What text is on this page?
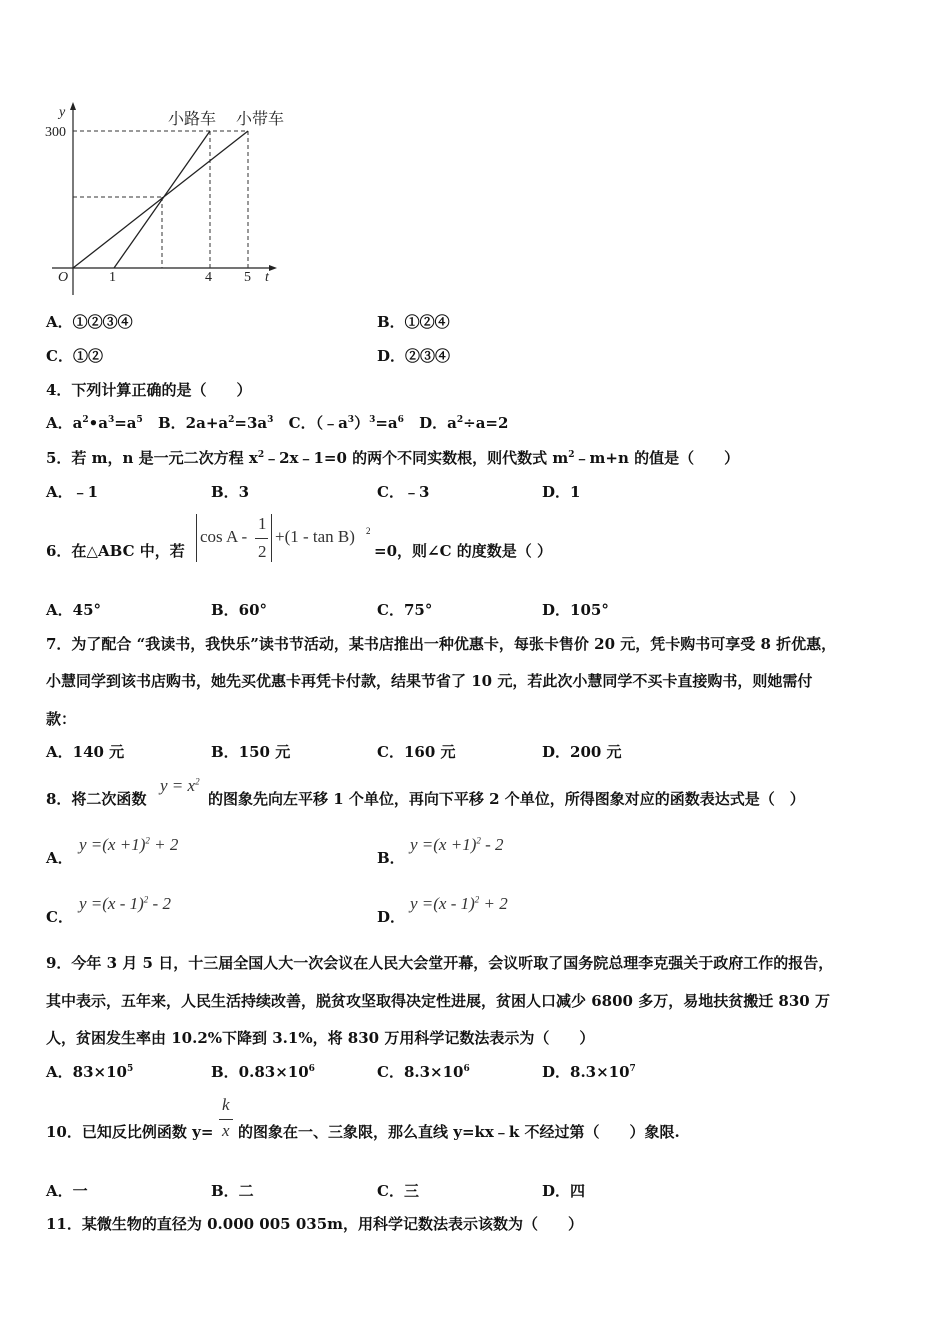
y
300
O	1	4 5 t
小路车 小带车
A．①②③④	B．①②④
C．①②	D．②③④
4．下列计算正确的是（　　）
A．$a^2•a^3=a^5$ B．$2a+a^2=3a^3$ C．$(﹣a^3)^3=a^6$ D．$a^2\div a=2$
5．若 m，n 是一元二次方程 $x^2﹣2x﹣1=0$ 的两个不同实数根，则代数式 $m^2﹣m+n$ 的值是（　　）
A．﹣1	B．3	C．﹣3	D．1
6．在△ABC 中，若
cos A -
1
2
+(1 - tan B) 2
=0，则∠C 的度数是（ ）
A．45°	B．60°	C．75°	D．105°
7．为了配合 “我读书，我快乐”读书节活动，某书店推出一种优惠卡，每张卡售价 20 元，凭卡购书可享受 8 折优惠，
小慧同学到该书店购书，她先买优惠卡再凭卡付款，结果节省了 10 元，若此次小慧同学不买卡直接购书，则她需付
款：
A．140 元	B．150 元	C．160 元	D．200 元
8．将二次函数
$y = x^2$
的图象先向左平移 1 个单位，再向下平移 2 个单位，所得图象对应的函数表达式是（　）
A．
$y =(x +1)^2 + 2$
B．
$y =(x +1)^2 - 2$
C．
y =(x - 1)$^2$ - 2
D．
y =(x - 1)$^2$ + 2
9．今年 3 月 5 日，十三届全国人大一次会议在人民大会堂开幕，会议听取了国务院总理李克强关于政府工作的报告，
其中表示，五年来，人民生活持续改善，脱贫攻坚取得决定性进展，贫困人口减少 6800 多万，易地扶贫搬迁 830 万
人，贫困发生率由 10.2%下降到 3.1%，将 830 万用科学记数法表示为（　　）
A．$83\times 10^5$	B．$0.83\times 10^6$	C．$8.3\times 10^6$	D．$8.3\times 10^7$
10．已知反比例函数 y=
k
x 的图象在一、三象限，那么直线 y=kx﹣k 不经过第（　　）象限.
A．一	B．二	C．三	D．四
11．某微生物的直径为 0.000 005 035m，用科学记数法表示该数为（　　）
